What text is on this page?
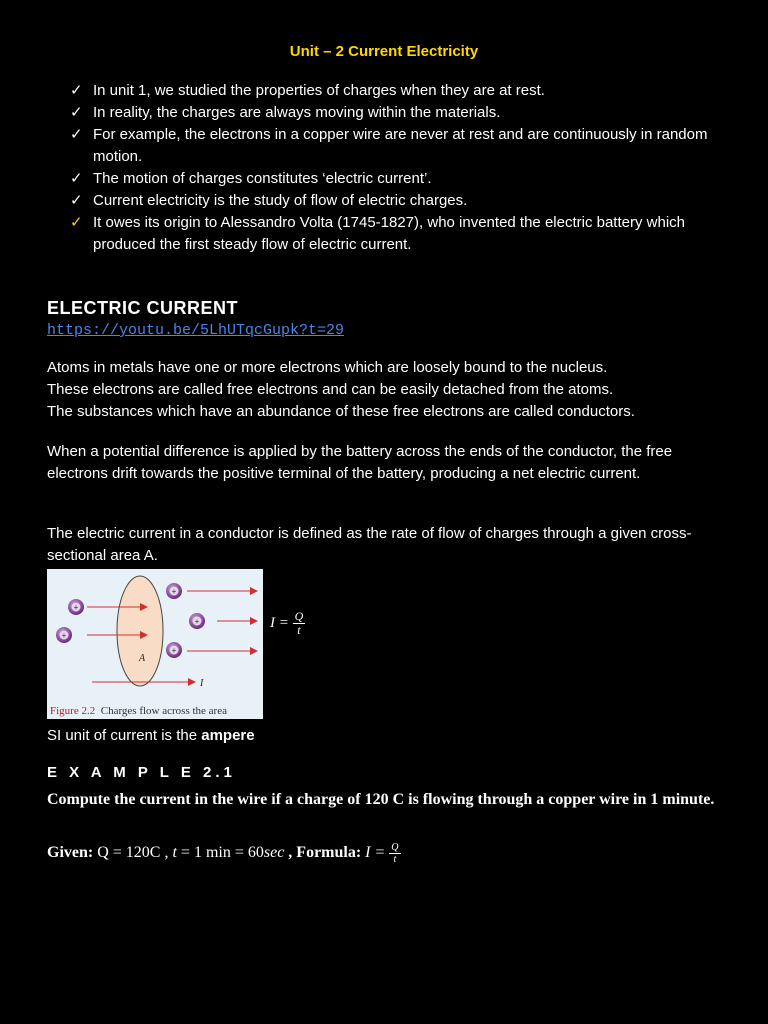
Unit – 2 Current Electricity
✓ In unit 1, we studied the properties of charges when they are at rest.
✓ In reality, the charges are always moving within the materials.
✓ For example, the electrons in a copper wire are never at rest and are continuously in random motion.
✓ The motion of charges constitutes ‘electric current’.
✓ Current electricity is the study of flow of electric charges.
✓ It owes its origin to Alessandro Volta (1745-1827), who invented the electric battery which produced the first steady flow of electric current.
ELECTRIC CURRENT
https://youtu.be/5LhUTqcGupk?t=29
Atoms in metals have one or more electrons which are loosely bound to the nucleus.
These electrons are called free electrons and can be easily detached from the atoms.
The substances which have an abundance of these free electrons are called conductors.

When a potential difference is applied by the battery across the ends of the conductor, the free electrons drift towards the positive terminal of the battery, producing a net electric current.

The electric current in a conductor is defined as the rate of flow of charges through a given cross-sectional area A.

A
I
+
+
+
+
+
Figure 2.2 Charges flow across the area
$I = \frac{Q}{t}$
SI unit of current is the ampere
E X A M P L E 2.1
Compute the current in the wire if a charge of 120 C is flowing through a copper wire in 1 minute.
Given: Q = 120C , t = 1 min = 60sec , Formula: $I = \frac{Q}{t}$
